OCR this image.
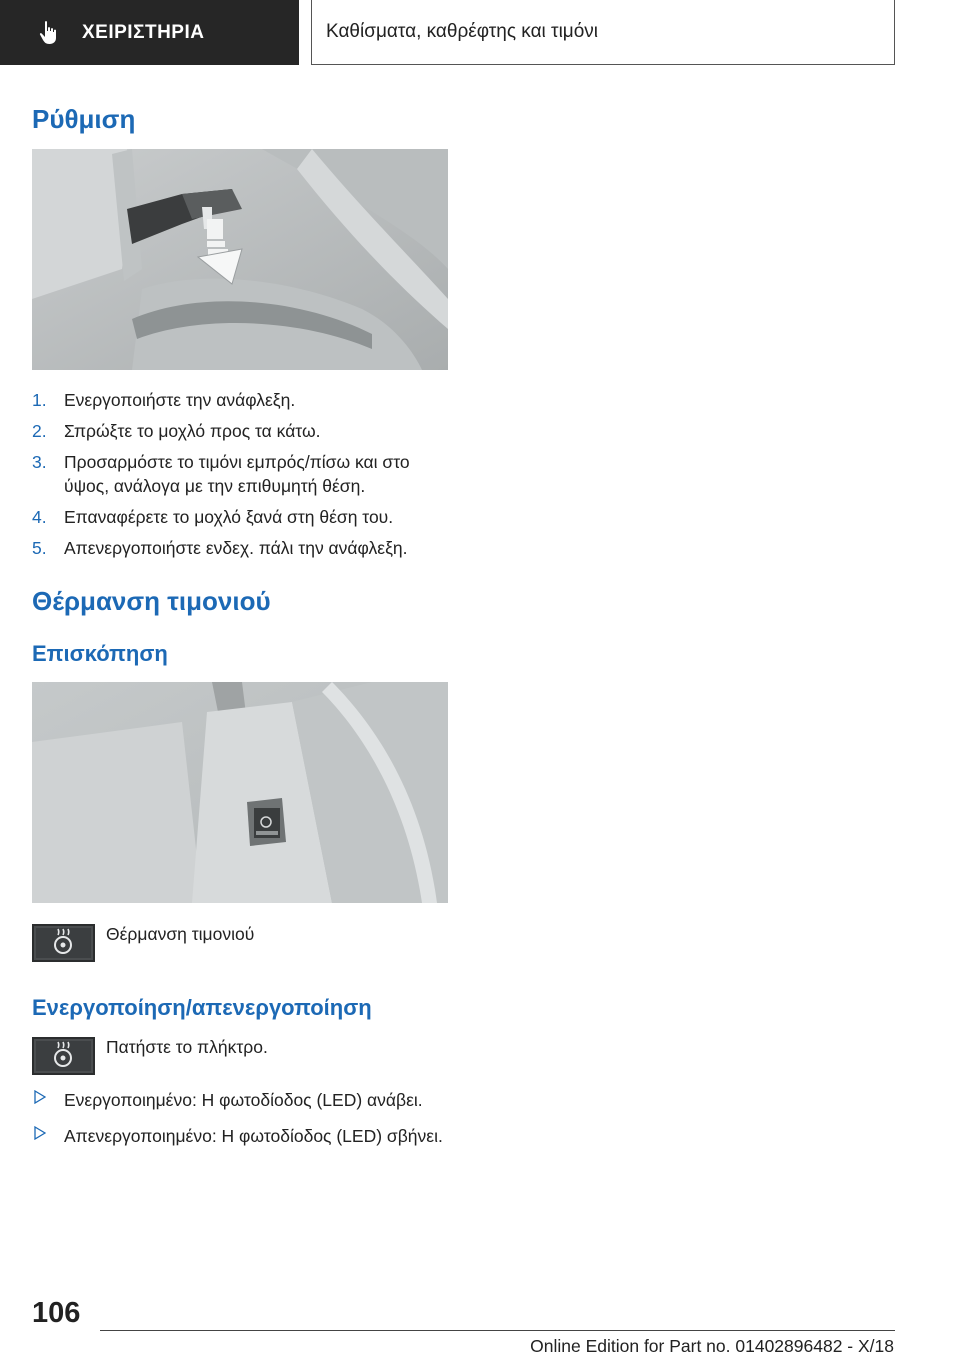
ΧΕΙΡΙΣΤΗΡΙΑ	Καθίσματα, καθρέφτης και τιμόνι
Ρύθμιση
1. Ενεργοποιήστε την ανάφλεξη.
2. Σπρώξτε το μοχλό προς τα κάτω.
3. Προσαρμόστε το τιμόνι εμπρός/πίσω και στο ύψος, ανάλογα με την επιθυμητή θέση.
4. Επαναφέρετε το μοχλό ξανά στη θέση του.
5. Απενεργοποιήστε ενδεχ. πάλι την ανάφλεξη.
Θέρμανση τιμονιού
Επισκόπηση
Θέρμανση τιμονιού
Ενεργοποίηση/απενεργοποίηση
Πατήστε το πλήκτρο.
Ενεργοποιημένο: Η φωτοδίοδος (LED) ανάβει.
Απενεργοποιημένο: Η φωτοδίοδος (LED) σβήνει.
106
Online Edition for Part no. 01402896482 - X/18
